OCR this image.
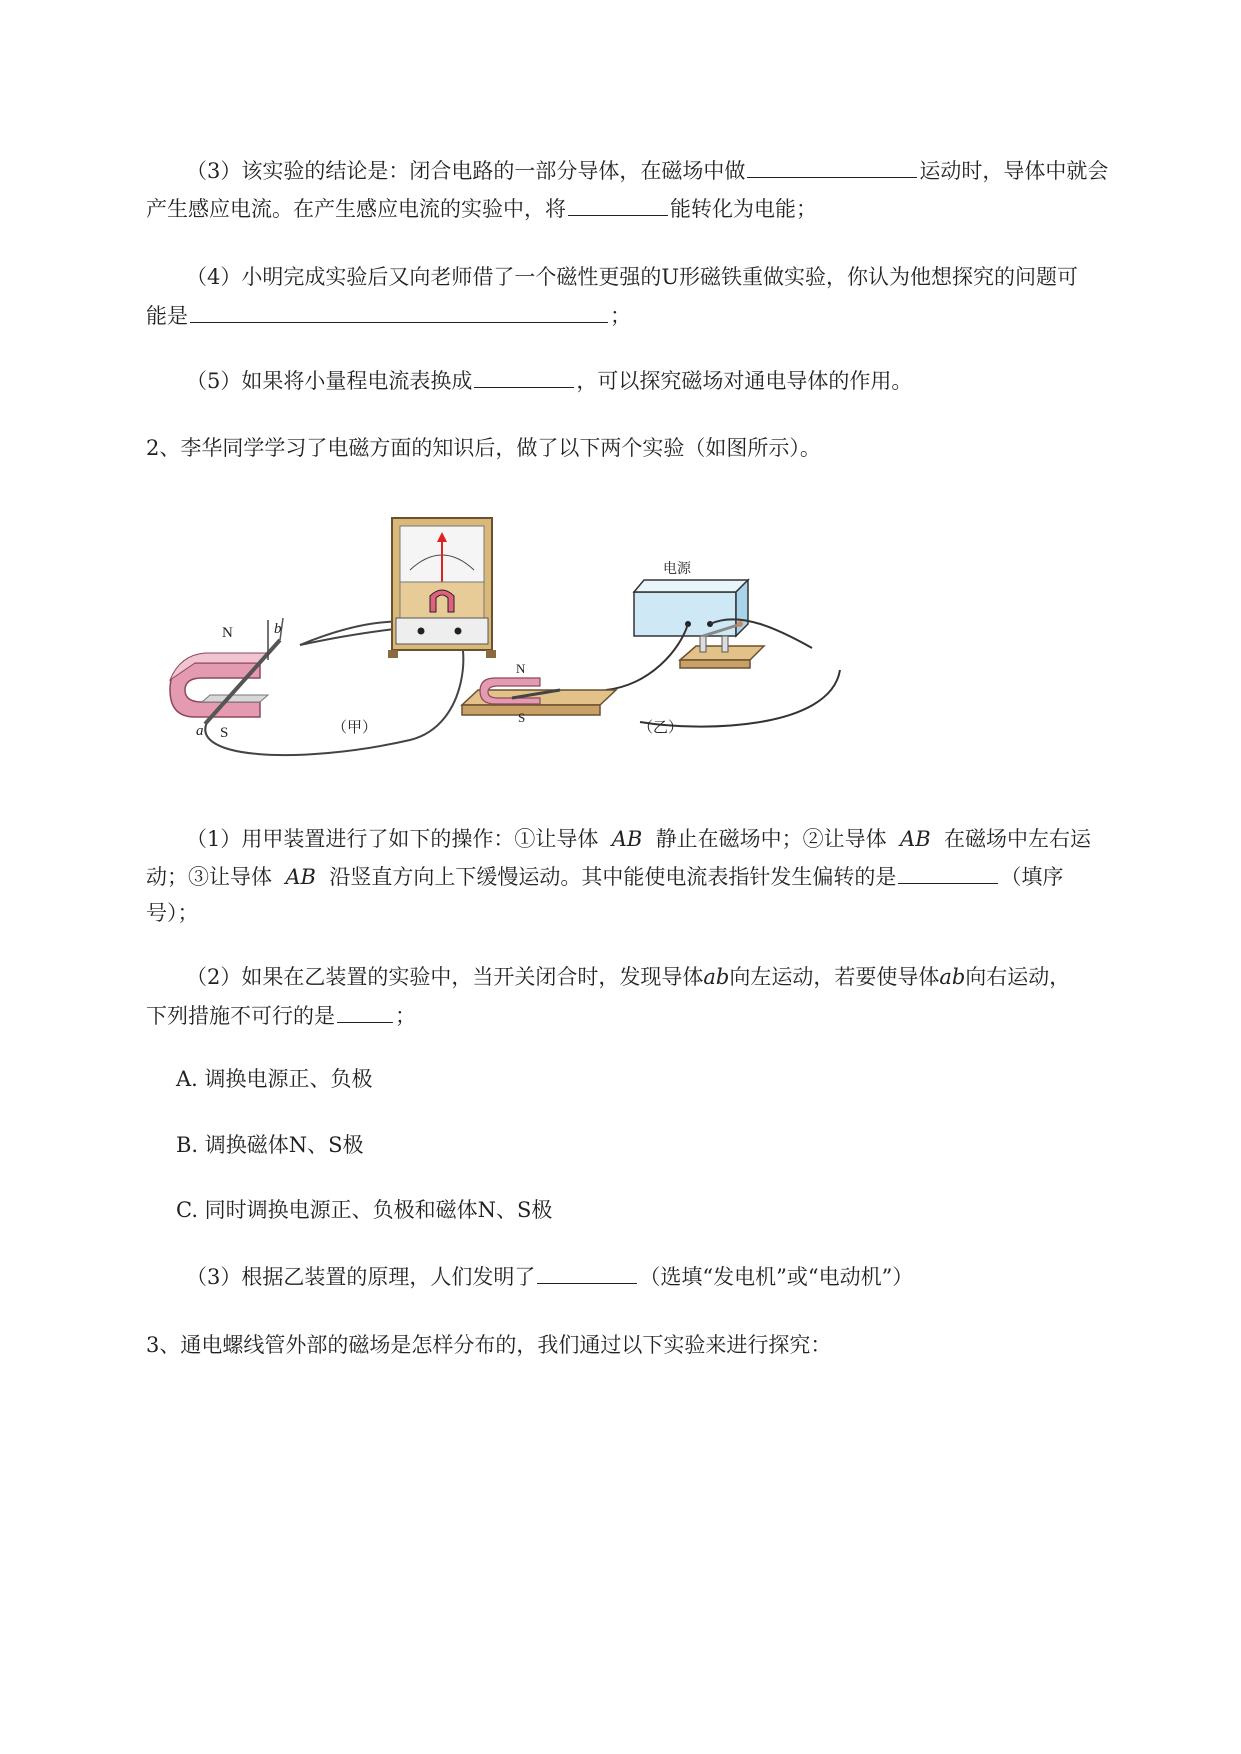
（3）该实验的结论是：闭合电路的一部分导体，在磁场中做	运动时，导体中就会
产生感应电流。在产生感应电流的实验中，将	能转化为电能；
（4）小明完成实验后又向老师借了一个磁性更强的U形磁铁重做实验，你认为他想探究的问题可
能是	；
（5）如果将小量程电流表换成	，可以探究磁场对通电导体的作用。
2、李华同学学习了电磁方面的知识后，做了以下两个实验（如图所示）。
N
S
a
b
（甲）
电源
N
S
（乙）
（1）用甲装置进行了如下的操作：①让导体 AB 静止在磁场中；②让导体 AB 在磁场中左右运
动；③让导体 AB 沿竖直方向上下缓慢运动。其中能使电流表指针发生偏转的是	（填序
号）；
（2）如果在乙装置的实验中，当开关闭合时，发现导体ab向左运动，若要使导体ab向右运动，
下列措施不可行的是	；
A. 调换电源正、负极
B. 调换磁体N、S极
C. 同时调换电源正、负极和磁体N、S极
（3）根据乙装置的原理，人们发明了	（选填“发电机”或“电动机”）
3、通电螺线管外部的磁场是怎样分布的，我们通过以下实验来进行探究：
